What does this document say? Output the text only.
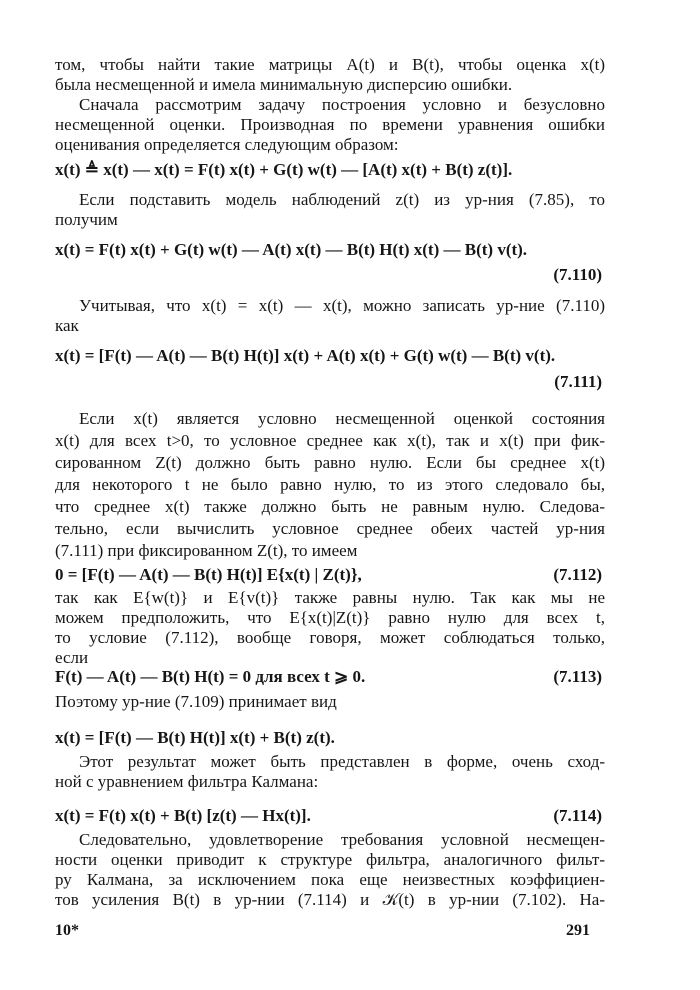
том, чтобы найти такие матрицы A(t) и B(t), чтобы оценка x(t)
была несмещенной и имела минимальную дисперсию ошибки.
Сначала рассмотрим задачу построения условно и безусловно
несмещенной оценки. Производная по времени уравнения ошибки
оценивания определяется следующим образом:
x(t) ≜ x(t) — x(t) = F(t) x(t) + G(t) w(t) — [A(t) x(t) + B(t) z(t)].
Если подставить модель наблюдений z(t) из ур-ния (7.85), то
получим
x(t) = F(t) x(t) + G(t) w(t) — A(t) x(t) — B(t) H(t) x(t) — B(t) v(t).
(7.110)
Учитывая, что x(t) = x(t) — x(t), можно записать ур-ние (7.110)
как
x(t) = [F(t) — A(t) — B(t) H(t)] x(t) + A(t) x(t) + G(t) w(t) — B(t) v(t).
(7.111)
Если x(t) является условно несмещенной оценкой состояния
x(t) для всех t>0, то условное среднее как x(t), так и x(t) при фик-
сированном Z(t) должно быть равно нулю. Если бы среднее x(t)
для некоторого t не было равно нулю, то из этого следовало бы,
что среднее x(t) также должно быть не равным нулю. Следова-
тельно, если вычислить условное среднее обеих частей ур-ния
(7.111) при фиксированном Z(t), то имеем
0 = [F(t) — A(t) — B(t) H(t)] E{x(t) | Z(t)},	(7.112)
так как E{w(t)} и E{v(t)} также равны нулю. Так как мы не
можем предположить, что E{x(t)|Z(t)} равно нулю для всех t,
то условие (7.112), вообще говоря, может соблюдаться только,
если
F(t) — A(t) — B(t) H(t) = 0 для всех t ⩾ 0.	(7.113)
Поэтому ур-ние (7.109) принимает вид
x(t) = [F(t) — B(t) H(t)] x(t) + B(t) z(t).
Этот результат может быть представлен в форме, очень сход-
ной с уравнением фильтра Калмана:
x(t) = F(t) x(t) + B(t) [z(t) — Hx(t)].	(7.114)
Следовательно, удовлетворение требования условной несмещен-
ности оценки приводит к структуре фильтра, аналогичного фильт-
ру Калмана, за исключением пока еще неизвестных коэффициен-
тов усиления B(t) в ур-нии (7.114) и 𝒦(t) в ур-нии (7.102). На-
10*	291
